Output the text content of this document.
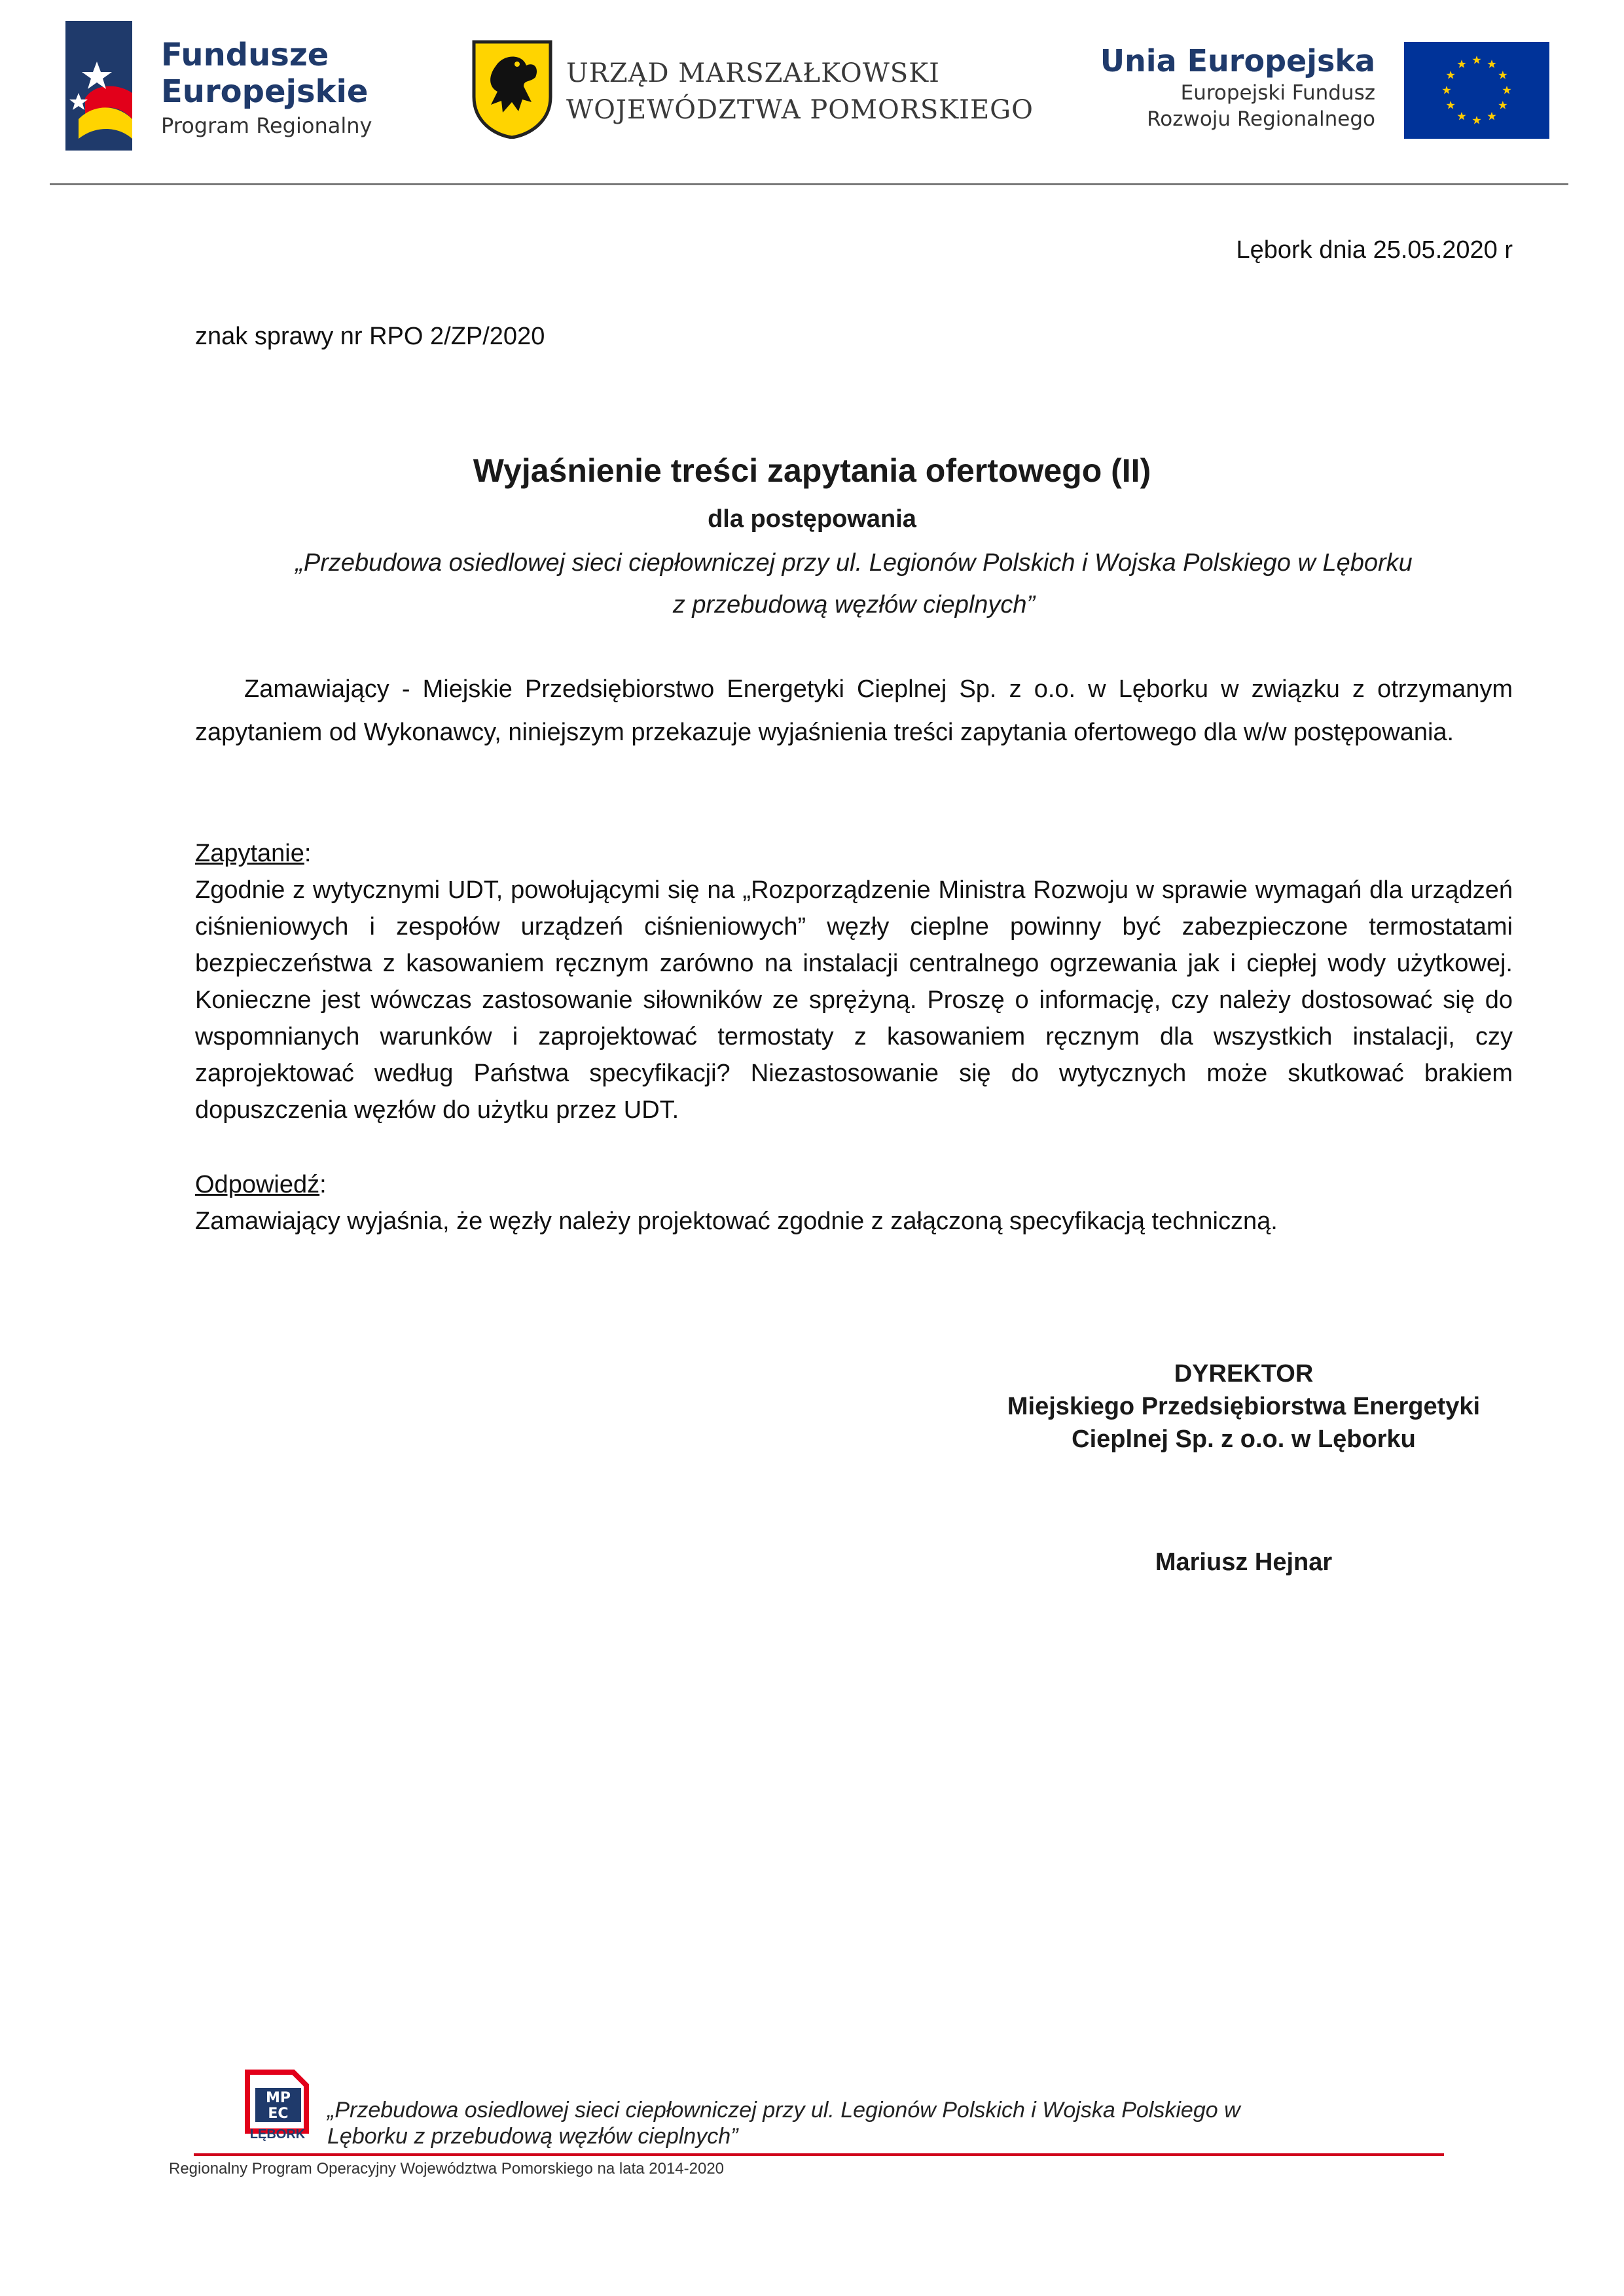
Fundusze
Europejskie
Program Regionalny
URZĄD MARSZAŁKOWSKI
WOJEWÓDZTWA POMORSKIEGO
Unia Europejska
Europejski Fundusz
Rozwoju Regionalnego
Lębork dnia 25.05.2020 r
znak sprawy nr RPO 2/ZP/2020
Wyjaśnienie treści zapytania ofertowego (II)
dla postępowania
„Przebudowa osiedlowej sieci ciepłowniczej przy ul. Legionów Polskich i Wojska Polskiego w Lęborku
z przebudową węzłów cieplnych”

Zamawiający - Miejskie Przedsiębiorstwo Energetyki Cieplnej Sp. z o.o. w Lęborku w związku z otrzymanym zapytaniem od Wykonawcy, niniejszym przekazuje wyjaśnienia treści zapytania ofertowego dla w/w postępowania.

Zapytanie:

Zgodnie z wytycznymi UDT, powołującymi się na „Rozporządzenie Ministra Rozwoju w sprawie wymagań dla urządzeń ciśnieniowych i zespołów urządzeń ciśnieniowych” węzły cieplne powinny być zabezpieczone termostatami bezpieczeństwa z kasowaniem ręcznym zarówno na instalacji centralnego ogrzewania jak i ciepłej wody użytkowej. Konieczne jest wówczas zastosowanie siłowników ze sprężyną. Proszę o informację, czy należy dostosować się do wspomnianych warunków i zaprojektować termostaty z kasowaniem ręcznym dla wszystkich instalacji, czy zaprojektować według Państwa specyfikacji? Niezastosowanie się do wytycznych może skutkować brakiem dopuszczenia węzłów do użytku przez UDT.

Odpowiedź:

Zamawiający wyjaśnia, że węzły należy projektować zgodnie z załączoną specyfikacją techniczną.

DYREKTOR
Miejskiego Przedsiębiorstwa Energetyki
Cieplnej Sp. z o.o. w Lęborku
Mariusz Hejnar
MP
EC
LĘBORK
„Przebudowa osiedlowej sieci ciepłowniczej przy ul. Legionów Polskich i Wojska Polskiego w
Lęborku z przebudową węzłów cieplnych”
Regionalny Program Operacyjny Województwa Pomorskiego na lata 2014-2020
